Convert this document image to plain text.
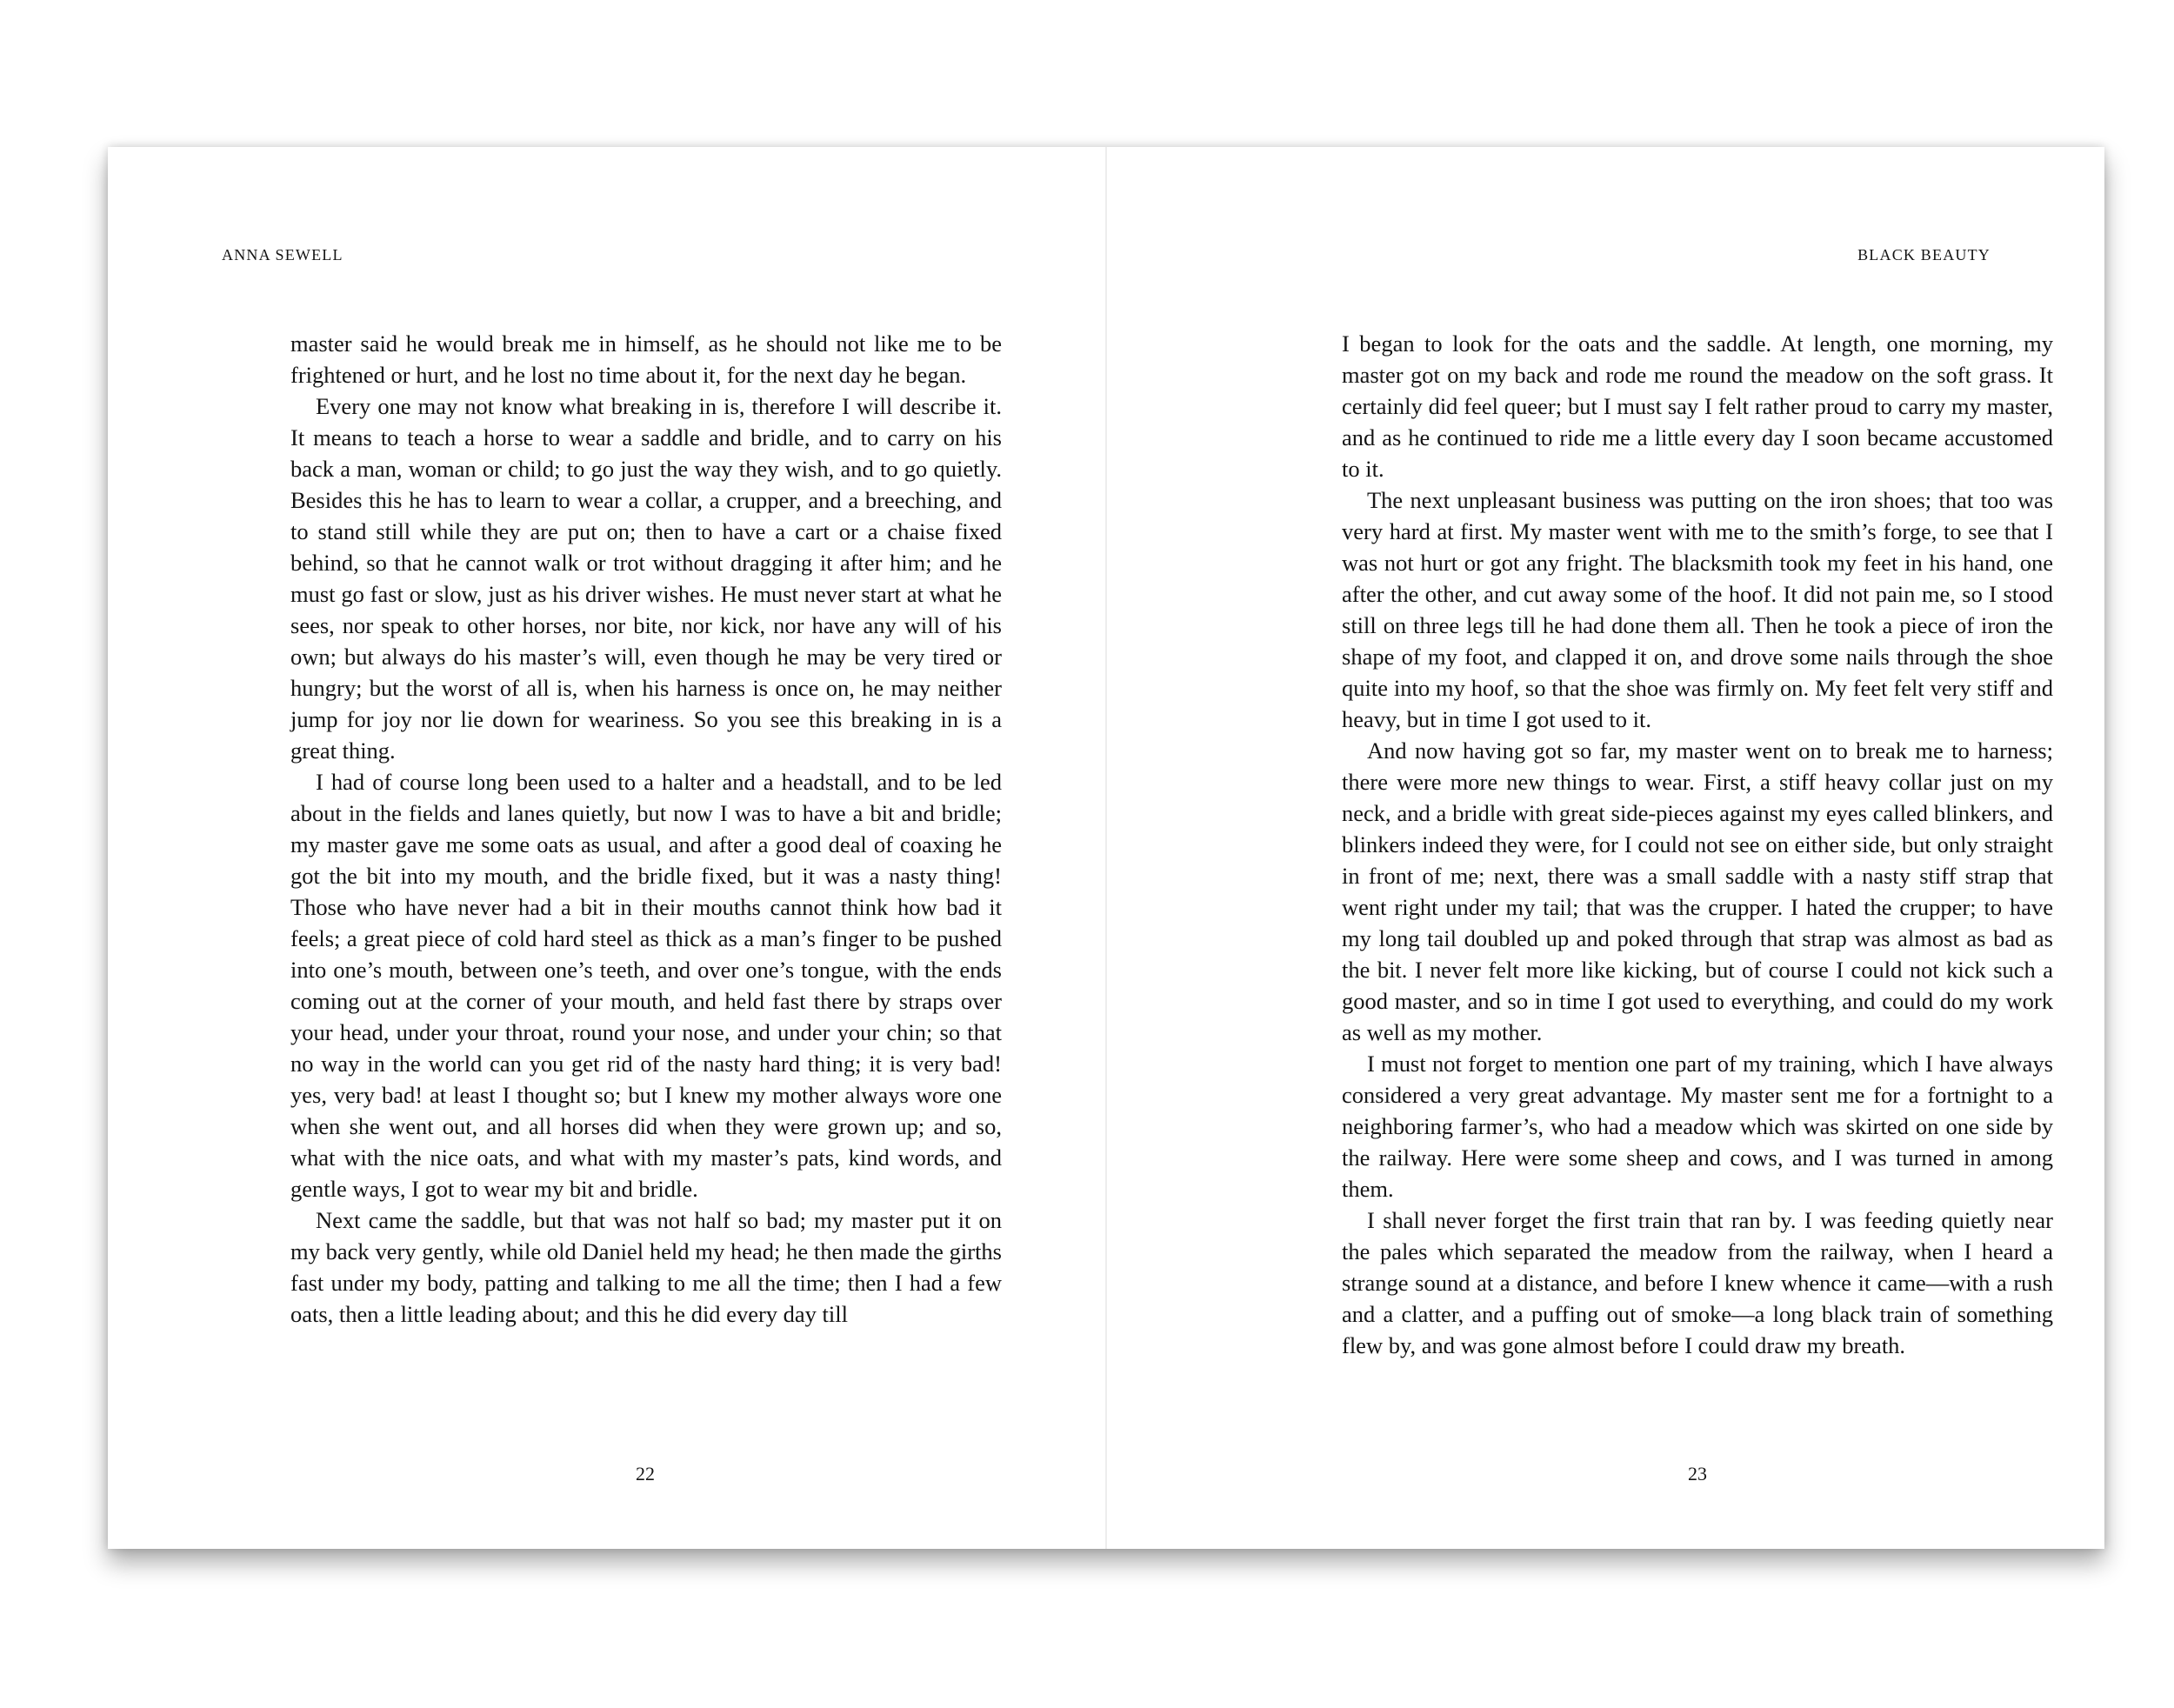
ANNA SEWELL

master said he would break me in himself, as he should not like me to be frightened or hurt, and he lost no time about it, for the next day he began.

Every one may not know what breaking in is, therefore I will describe it. It means to teach a horse to wear a saddle and bridle, and to carry on his back a man, woman or child; to go just the way they wish, and to go quietly. Besides this he has to learn to wear a collar, a crupper, and a breeching, and to stand still while they are put on; then to have a cart or a chaise fixed behind, so that he cannot walk or trot without dragging it after him; and he must go fast or slow, just as his driver wishes. He must never start at what he sees, nor speak to other horses, nor bite, nor kick, nor have any will of his own; but always do his master’s will, even though he may be very tired or hungry; but the worst of all is, when his harness is once on, he may neither jump for joy nor lie down for weariness. So you see this breaking in is a great thing.

I had of course long been used to a halter and a headstall, and to be led about in the fields and lanes quietly, but now I was to have a bit and bridle; my master gave me some oats as usual, and after a good deal of coaxing he got the bit into my mouth, and the bridle fixed, but it was a nasty thing! Those who have never had a bit in their mouths cannot think how bad it feels; a great piece of cold hard steel as thick as a man’s finger to be pushed into one’s mouth, between one’s teeth, and over one’s tongue, with the ends coming out at the corner of your mouth, and held fast there by straps over your head, under your throat, round your nose, and under your chin; so that no way in the world can you get rid of the nasty hard thing; it is very bad! yes, very bad! at least I thought so; but I knew my mother always wore one when she went out, and all horses did when they were grown up; and so, what with the nice oats, and what with my master’s pats, kind words, and gentle ways, I got to wear my bit and bridle.

Next came the saddle, but that was not half so bad; my master put it on my back very gently, while old Daniel held my head; he then made the girths fast under my body, patting and talking to me all the time; then I had a few oats, then a little leading about; and this he did every day till

22
BLACK BEAUTY

I began to look for the oats and the saddle. At length, one morning, my master got on my back and rode me round the meadow on the soft grass. It certainly did feel queer; but I must say I felt rather proud to carry my master, and as he continued to ride me a little every day I soon became accustomed to it.

The next unpleasant business was putting on the iron shoes; that too was very hard at first. My master went with me to the smith’s forge, to see that I was not hurt or got any fright. The blacksmith took my feet in his hand, one after the other, and cut away some of the hoof. It did not pain me, so I stood still on three legs till he had done them all. Then he took a piece of iron the shape of my foot, and clapped it on, and drove some nails through the shoe quite into my hoof, so that the shoe was firmly on. My feet felt very stiff and heavy, but in time I got used to it.

And now having got so far, my master went on to break me to harness; there were more new things to wear. First, a stiff heavy collar just on my neck, and a bridle with great side-pieces against my eyes called blinkers, and blinkers indeed they were, for I could not see on either side, but only straight in front of me; next, there was a small saddle with a nasty stiff strap that went right under my tail; that was the crupper. I hated the crupper; to have my long tail doubled up and poked through that strap was almost as bad as the bit. I never felt more like kicking, but of course I could not kick such a good master, and so in time I got used to everything, and could do my work as well as my mother.

I must not forget to mention one part of my training, which I have always considered a very great advantage. My master sent me for a fortnight to a neighboring farmer’s, who had a meadow which was skirted on one side by the railway. Here were some sheep and cows, and I was turned in among them.

I shall never forget the first train that ran by. I was feeding quietly near the pales which separated the meadow from the railway, when I heard a strange sound at a distance, and before I knew whence it came—with a rush and a clatter, and a puffing out of smoke—a long black train of something flew by, and was gone almost before I could draw my breath.

23
